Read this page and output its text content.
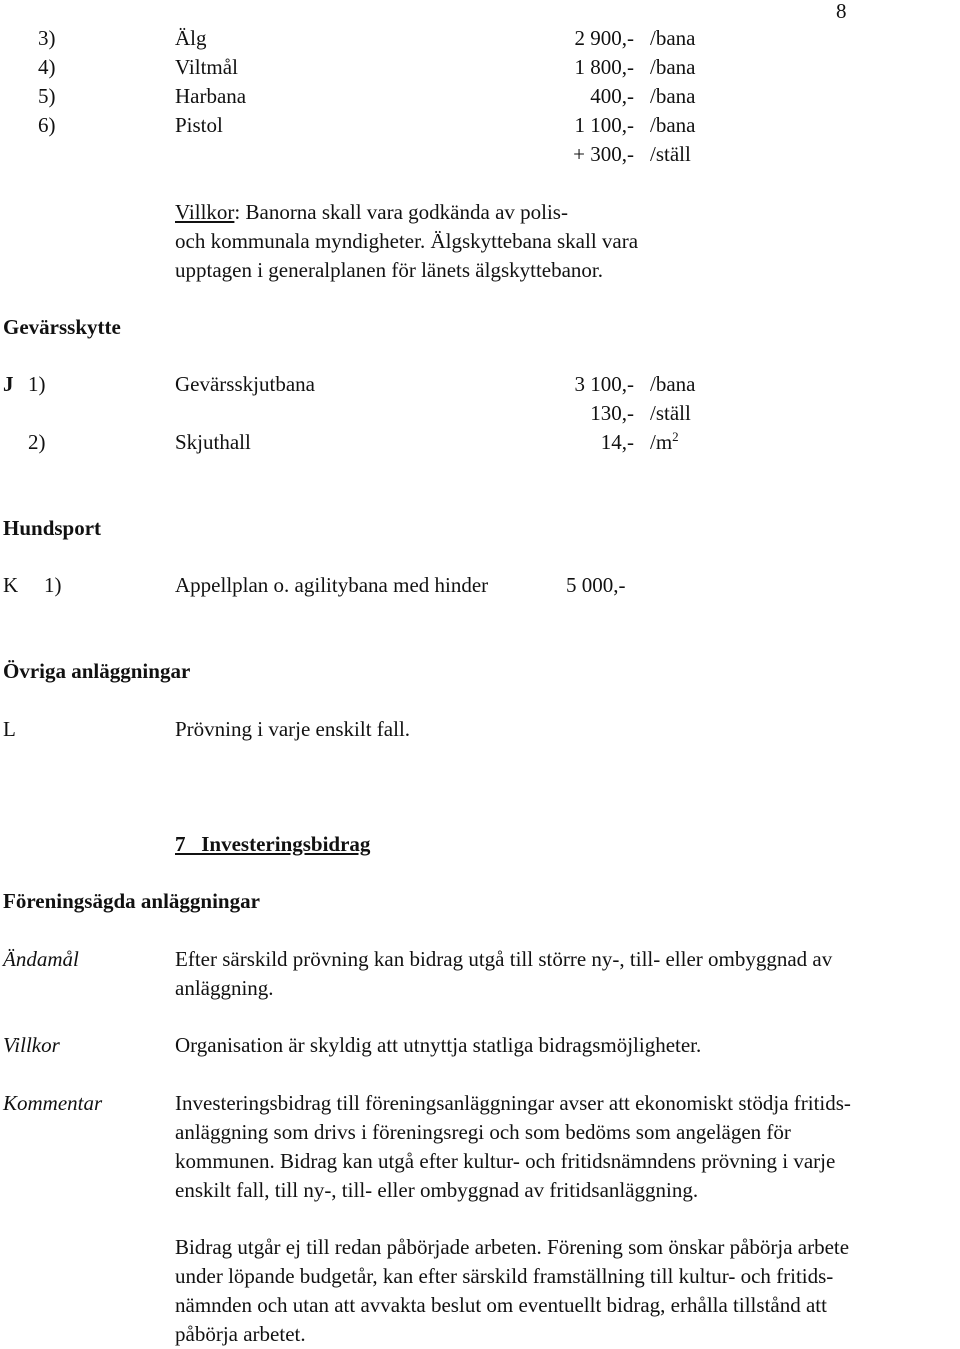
8
3)	Älg	2 900,- /bana
4)	Viltmål	1 800,- /bana
5)	Harbana	400,- /bana
6)	Pistol	1 100,- /bana
+ 300,- /ställ
Villkor: Banorna skall vara godkända av polis-
och kommunala myndigheter. Älgskyttebana skall vara
upptagen i generalplanen för länets älgskyttebanor.
Gevärsskytte
J 1)	Gevärsskjutbana	3 100,- /bana
130,- /ställ
2)	Skjuthall	14,- $/m^2$
Hundsport
K 1)	Appellplan o. agilitybana med hinder	5 000,-
Övriga anläggningar
L	Prövning i varje enskilt fall.
7   Investeringsbidrag
Föreningsägda anläggningar
Ändamål	Efter särskild prövning kan bidrag utgå till större ny-, till- eller ombyggnad av
anläggning.
Villkor	Organisation är skyldig att utnyttja statliga bidragsmöjligheter.
Kommentar	Investeringsbidrag till föreningsanläggningar avser att ekonomiskt stödja fritids-
anläggning som drivs i föreningsregi och som bedöms som angelägen för
kommunen. Bidrag kan utgå efter kultur- och fritidsnämndens prövning i varje
enskilt fall, till ny-, till- eller ombyggnad av fritidsanläggning.
Bidrag utgår ej till redan påbörjade arbeten. Förening som önskar påbörja arbete
under löpande budgetår, kan efter särskild framställning till kultur- och fritids-
nämnden och utan att avvakta beslut om eventuellt bidrag, erhålla tillstånd att
påbörja arbetet.
